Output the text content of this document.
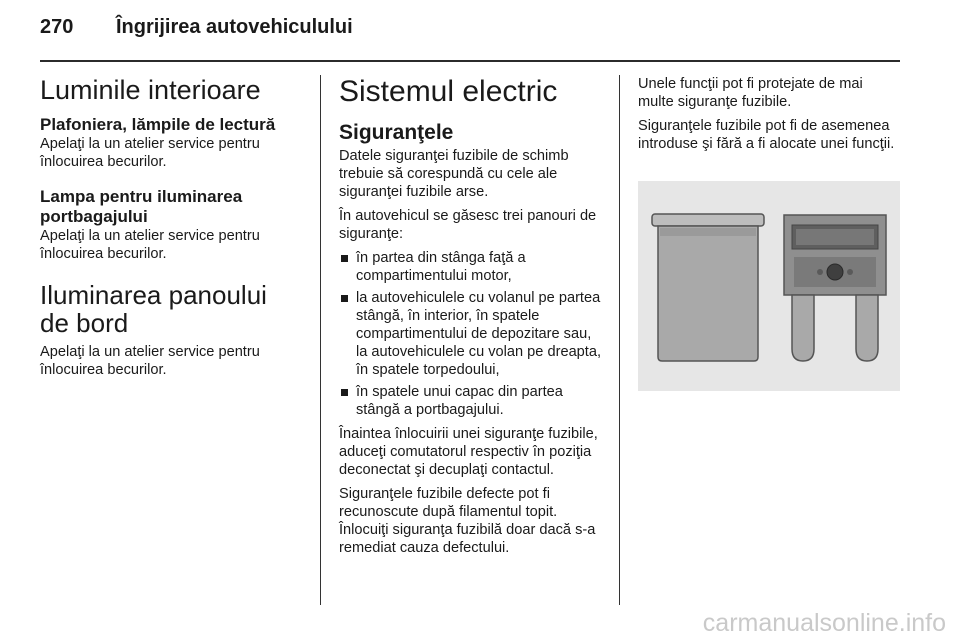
270 Îngrijirea autovehiculului
Luminile interioare
Plafoniera, lămpile de lectură

Apelaţi la un atelier service pentru înlocuirea becurilor.

Lampa pentru iluminarea portbagajului

Apelaţi la un atelier service pentru înlocuirea becurilor.

Iluminarea panoului de bord

Apelaţi la un atelier service pentru înlocuirea becurilor.

Sistemul electric
Siguranţele

Datele siguranţei fuzibile de schimb trebuie să corespundă cu cele ale siguranţei fuzibile arse.

În autovehicul se găsesc trei panouri de siguranţe:

în partea din stânga faţă a compartimentului motor,
la autovehiculele cu volanul pe partea stângă, în interior, în spatele compartimentului de depozitare sau, la autovehiculele cu volan pe dreapta, în spatele torpedoului,
în spatele unui capac din partea stângă a portbagajului.

Înaintea înlocuirii unei siguranţe fuzibile, aduceţi comutatorul respectiv în poziţia deconectat şi decuplaţi contactul.

Siguranţele fuzibile defecte pot fi recunoscute după filamentul topit. Înlocuiţi siguranţa fuzibilă doar dacă s-a remediat cauza defectului.

Unele funcţii pot fi protejate de mai multe siguranţe fuzibile.

Siguranţele fuzibile pot fi de asemenea introduse şi fără a fi alocate unei funcţii.

carmanualsonline.info
